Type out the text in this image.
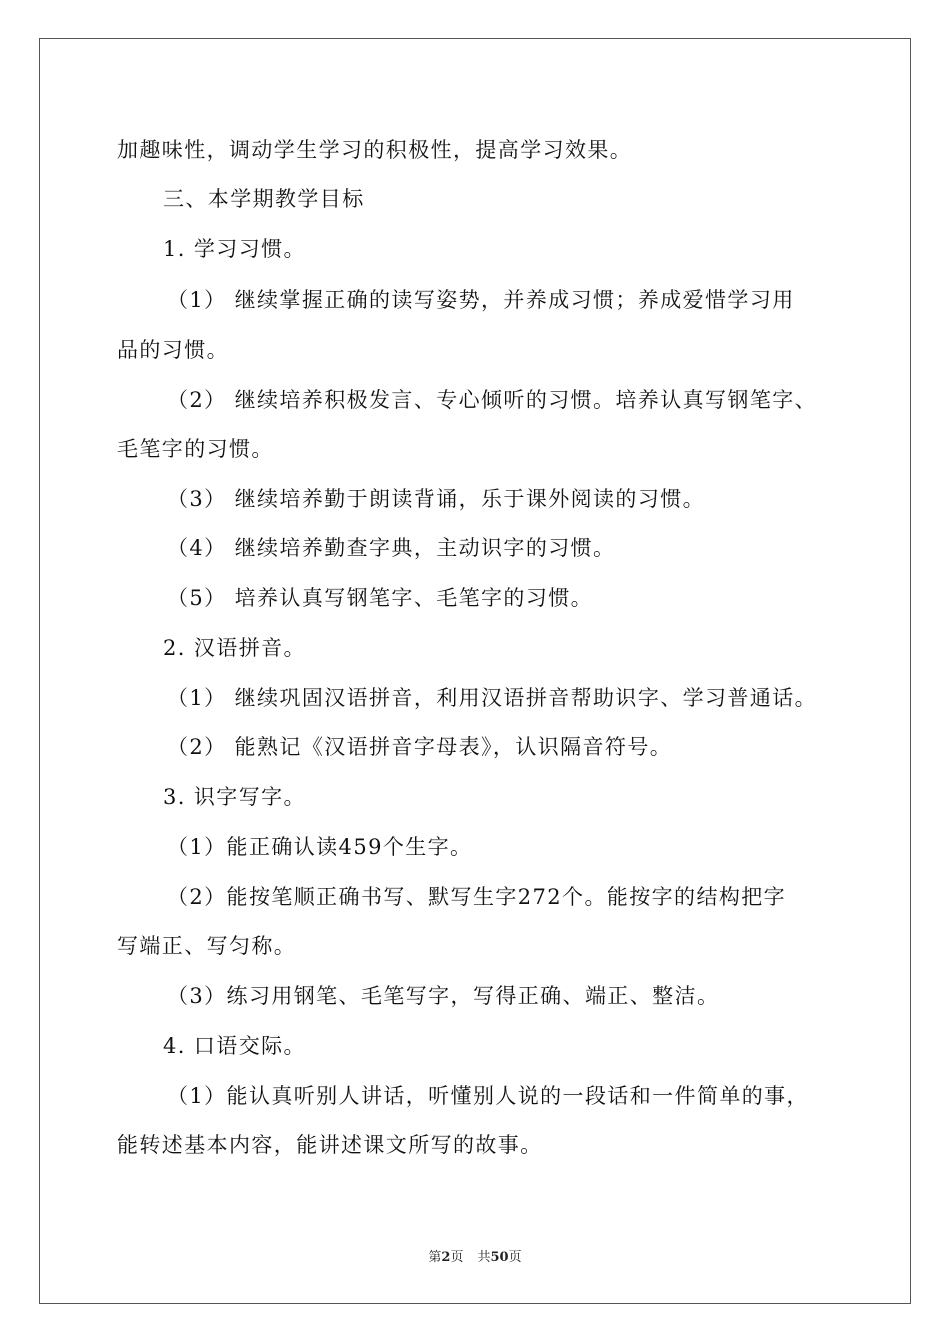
加趣味性，调动学生学习的积极性，提高学习效果。
三、本学期教学目标
1. 学习习惯。
（1） 继续掌握正确的读写姿势，并养成习惯；养成爱惜学习用
品的习惯。
（2） 继续培养积极发言、专心倾听的习惯。培养认真写钢笔字、
毛笔字的习惯。
（3） 继续培养勤于朗读背诵，乐于课外阅读的习惯。
（4） 继续培养勤查字典，主动识字的习惯。
（5） 培养认真写钢笔字、毛笔字的习惯。
2. 汉语拼音。
（1） 继续巩固汉语拼音，利用汉语拼音帮助识字、学习普通话。
（2） 能熟记《汉语拼音字母表》，认识隔音符号。
3. 识字写字。
（1）能正确认读459个生字。
（2）能按笔顺正确书写、默写生字272个。能按字的结构把字
写端正、写匀称。
（3）练习用钢笔、毛笔写字，写得正确、端正、整洁。
4. 口语交际。
（1）能认真听别人讲话，听懂别人说的一段话和一件简单的事，
能转述基本内容，能讲述课文所写的故事。
第2页 共50页
